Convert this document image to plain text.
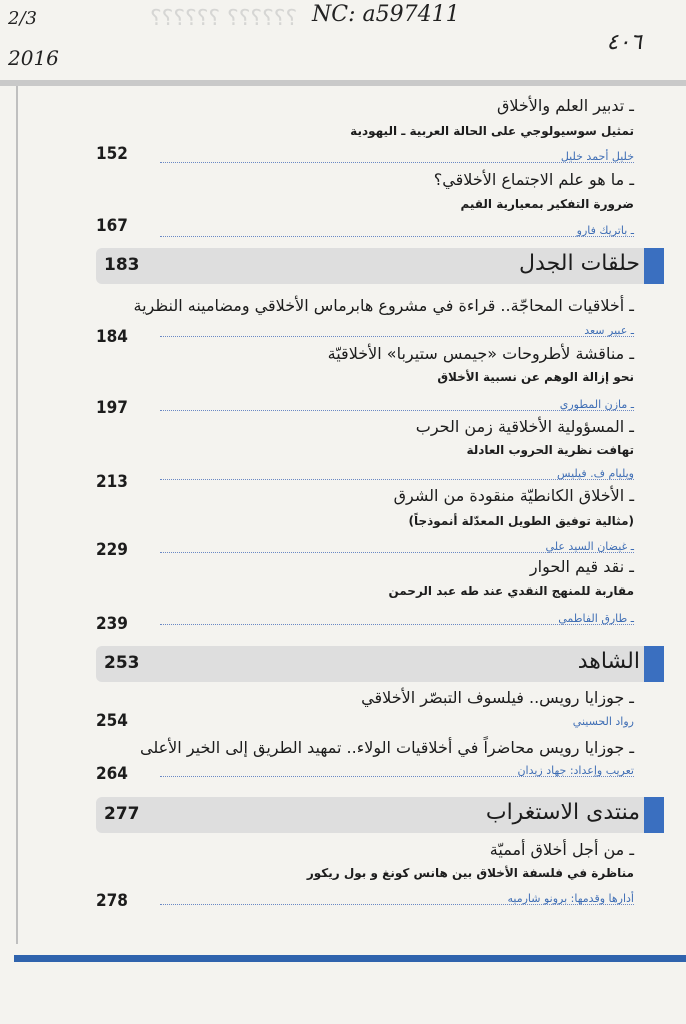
؟؟؟؟؟؟ ؟؟؟؟؟؟
2/3
2016
NC: a597411
٤٠٦
ـ تدبير العلم والأخلاق
تمثيل سوسيولوجي على الحالة العربية ـ اليهودية
خليل أحمد خليل
152
ـ ما هو علم الاجتماع الأخلاقي؟
ضرورة التفكير بمعيارية القيم
ـ باتريك فارو
167
183	حلقات الجدل
ـ أخلاقيات المحاجّة.. قراءة في مشروع هابرماس الأخلاقي ومضامينه النظرية
ـ عبير سعد
184
ـ مناقشة لأطروحات «جيمس ستيربا» الأخلاقيّة
نحو إزالة الوهم عن نسبية الأخلاق
ـ مازن المطوري
197
ـ المسؤولية الأخلاقية زمن الحرب
تهافت نظرية الحروب العادلة
ويليام ف. فيليس
213
ـ الأخلاق الكانطيّة منقودة من الشرق
(مثالية توفيق الطويل المعدّلة أنموذجاً)
ـ غيضان السيد علي
229
ـ نقد قيم الحوار
مقاربة للمنهج النقدي عند طه عبد الرحمن
ـ طارق الفاطمي
239
253	الشاهد
ـ جوزايا رويس.. فيلسوف التبصّر الأخلاقي
رواد الحسيني
254
ـ جوزايا رويس محاضراً في أخلاقيات الولاء.. تمهيد الطريق إلى الخير الأعلى
تعريب وإعداد: جهاد زيدان
264
277	منتدى الاستغراب
ـ من أجل أخلاق أمميّة
مناظرة في فلسفة الأخلاق بين هانس كونغ و بول ريكور
أدارها وقدمها: برونو شارميه
278
